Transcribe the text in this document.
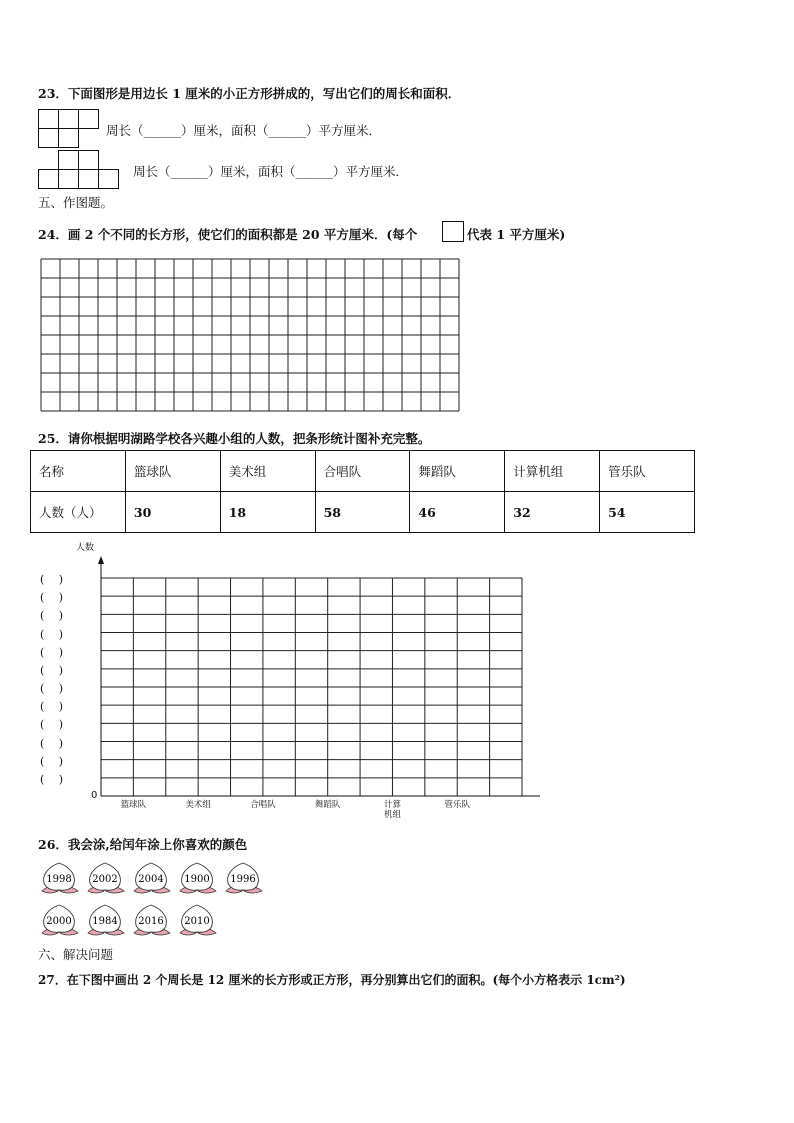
23．下面图形是用边长 1 厘米的小正方形拼成的，写出它们的周长和面积．
周长（______）厘米，面积（______）平方厘米．
周长（______）厘米，面积（______）平方厘米．
五、作图题。
24．画 2 个不同的长方形，使它们的面积都是 20 平方厘米．(每个	代表 1 平方厘米)
25．请你根据明湖路学校各兴趣小组的人数，把条形统计图补充完整。
名称	篮球队	美术组	合唱队	舞蹈队	计算机组	管乐队
人数（人）	30	18	58	46	32	54
人数
0
(　 )
(　 )
(　 )
(　 )
(　 )
(　 )
(　 )
(　 )
(　 )
(　 )
(　 )
(　 )
篮球队	美术组	合唱队	舞蹈队	计算
机组
管乐队
26．我会涂,给闰年涂上你喜欢的颜色
1998 2002 2004 1900 1996
2000 1984 2016 2010
六、解决问题
27．在下图中画出 2 个周长是 12 厘米的长方形或正方形，再分别算出它们的面积。(每个小方格表示 1cm²)
